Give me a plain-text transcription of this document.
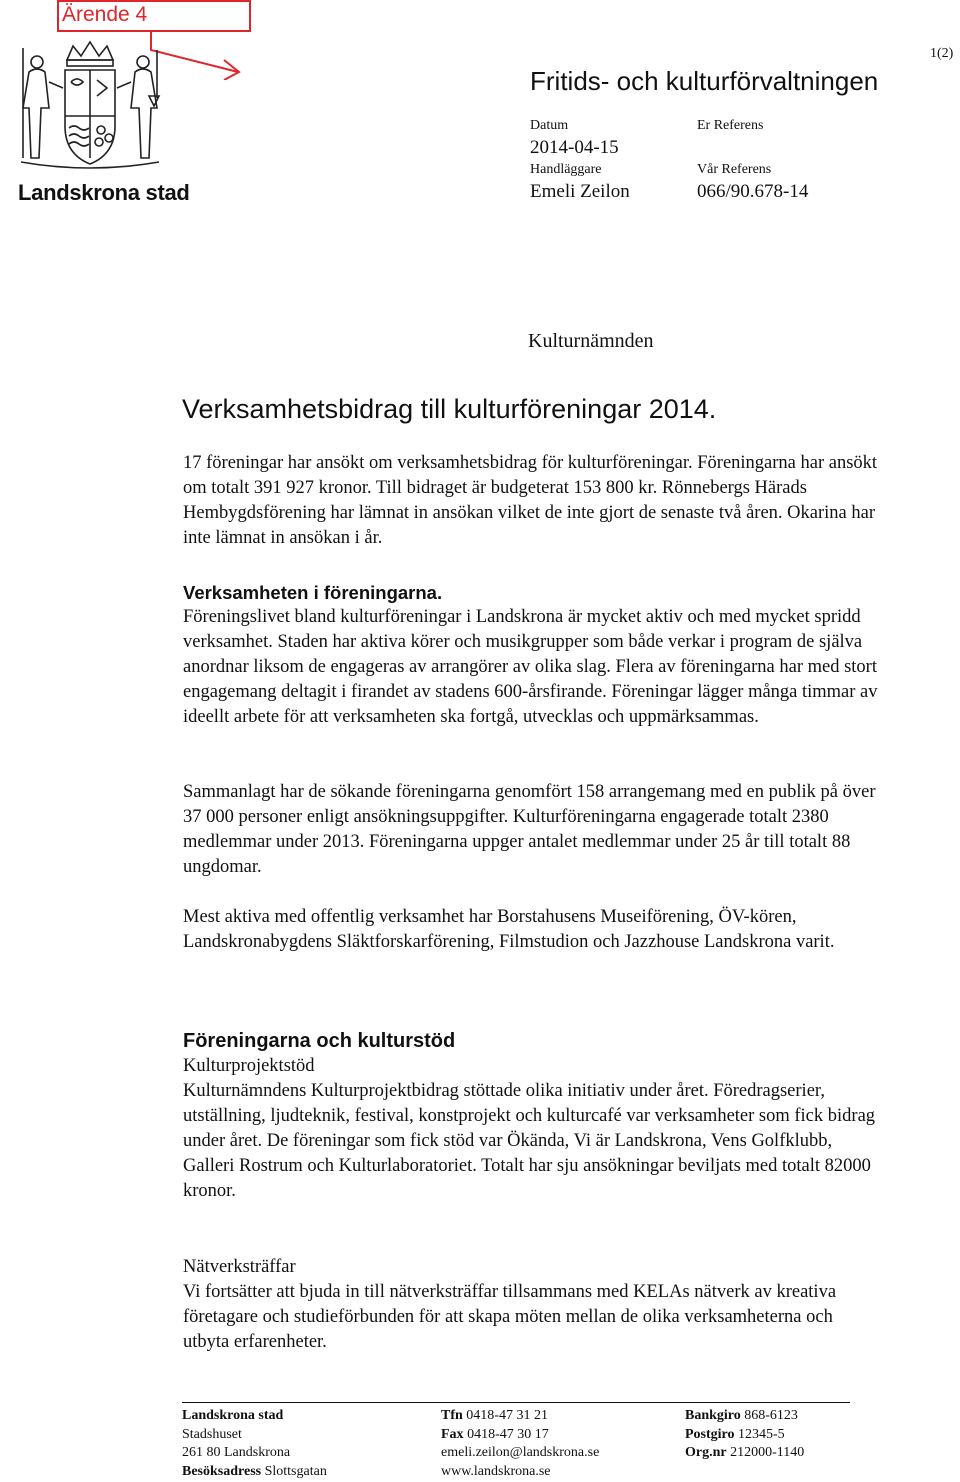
Ärende 4
1(2)
Landskrona stad
Fritids- och kulturförvaltningen
Datum
2014-04-15
Handläggare
Emeli Zeilon
Er Referens
Vår Referens
066/90.678-14
Kulturnämnden
Verksamhetsbidrag till kulturföreningar 2014.

17 föreningar har ansökt om verksamhetsbidrag för kulturföreningar. Föreningarna har ansökt om totalt 391 927 kronor. Till bidraget är budgeterat 153 800 kr. Rönnebergs Härads Hembygdsförening har lämnat in ansökan vilket de inte gjort de senaste två åren. Okarina har inte lämnat in ansökan i år.

Verksamheten i föreningarna.

Föreningslivet bland kulturföreningar i Landskrona är mycket aktiv och med mycket spridd verksamhet. Staden har aktiva körer och musikgrupper som både verkar i program de själva anordnar liksom de engageras av arrangörer av olika slag. Flera av föreningarna har med stort engagemang deltagit i firandet av stadens 600-årsfirande. Föreningar lägger många timmar av ideellt arbete för att verksamheten ska fortgå, utvecklas och uppmärksammas.

Sammanlagt har de sökande föreningarna genomfört 158 arrangemang med en publik på över 37 000 personer enligt ansökningsuppgifter. Kulturföreningarna engagerade totalt 2380 medlemmar under 2013. Föreningarna uppger antalet medlemmar under 25 år till totalt 88 ungdomar.

Mest aktiva med offentlig verksamhet har Borstahusens Museiförening, ÖV-kören, Landskronabygdens Släktforskarförening, Filmstudion och Jazzhouse Landskrona varit.

Föreningarna och kulturstöd

Kulturprojektstöd

Kulturnämndens Kulturprojektbidrag stöttade olika initiativ under året. Föredragserier, utställning, ljudteknik, festival, konstprojekt och kulturcafé var verksamheter som fick bidrag under året. De föreningar som fick stöd var Ökända, Vi är Landskrona, Vens Golfklubb, Galleri Rostrum och Kulturlaboratoriet. Totalt har sju ansökningar beviljats med totalt 82000 kronor.

Nätverksträffar

Vi fortsätter att bjuda in till nätverksträffar tillsammans med KELAs nätverk av kreativa företagare och studieförbunden för att skapa möten mellan de olika verksamheterna och utbyta erfarenheter.

Landskrona stad
Stadshuset
261 80 Landskrona
Besöksadress Slottsgatan
Tfn 0418-47 31 21
Fax 0418-47 30 17
emeli.zeilon@landskrona.se
www.landskrona.se
Bankgiro 868-6123
Postgiro 12345-5
Org.nr 212000-1140
